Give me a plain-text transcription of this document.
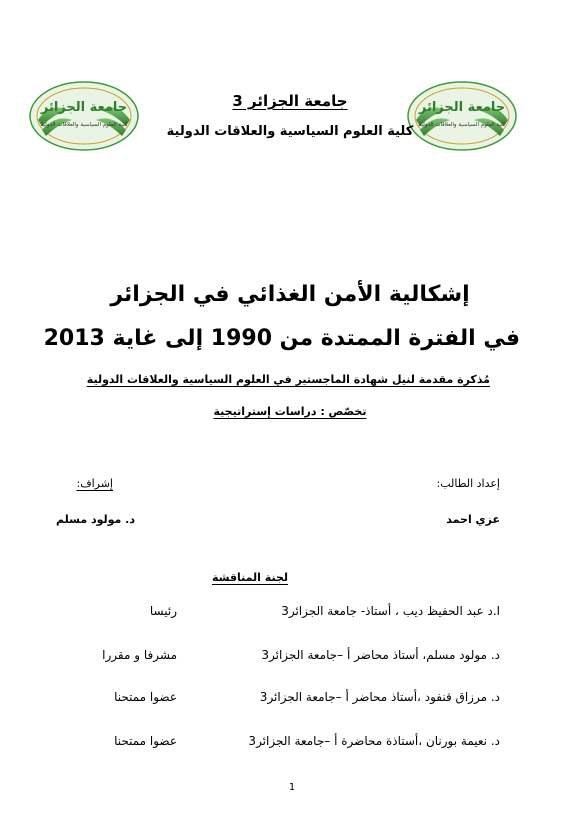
جامعة الجزائر
كلية العلوم السياسية والعلاقات الدولية
جامعة الجزائر
كلية العلوم السياسية والعلاقات الدولية
جامعة الجزائر 3
كلية العلوم السياسية والعلاقات الدولية
إشكالية الأمن الغذائي في الجزائر
في الفترة الممتدة من 1990 إلى غاية 2013
مُذكرة مقدمة لنيل شهادة الماجستير في العلوم السياسية والعلاقات الدولية
تخصّص : دراسات إستراتيجية
إعداد الطالب:
عزي احمد
إشراف:
د. مولود مسلم
لجنة المناقشة
ا.د عبد الحفيظ ديب ، أستاذ- جامعة الجزائر3
رئيسا
د. مولود مسلم، أستاذ محاضر أ –جامعة الجزائر3
مشرفا و مقررا
د. مرزاق قنفود ،أستاذ محاضر أ –جامعة الجزائر3
عضوا ممتحنا
د. نعيمة بورنان ،أستاذة محاضرة أ –جامعة الجزائر3
عضوا ممتحنا
1
